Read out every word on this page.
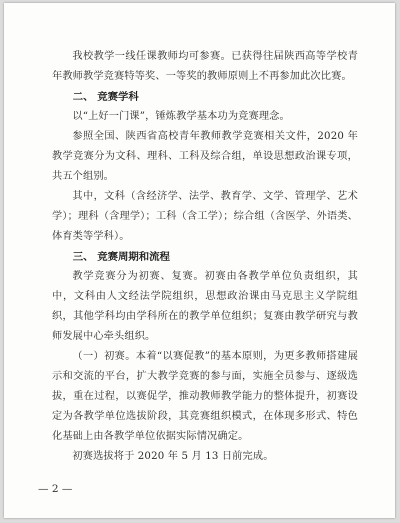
我校教学一线任课教师均可参赛。已获得往届陕西高等学校青年教师教学竞赛特等奖、一等奖的教师原则上不再参加此次比赛。

二、 竞赛学科

以“上好一门课”，锤炼教学基本功为竞赛理念。

参照全国、陕西省高校青年教师教学竞赛相关文件，2020 年教学竞赛分为文科、理科、工科及综合组，单设思想政治课专项，共五个组别。

其中，文科（含经济学、法学、教育学、文学、管理学、艺术学）；理科（含理学）；工科（含工学）；综合组（含医学、外语类、体育类等学科）。

三、 竞赛周期和流程

教学竞赛分为初赛、复赛。初赛由各教学单位负责组织，其中，文科由人文经法学院组织，思想政治课由马克思主义学院组织，其他学科均由学科所在的教学单位组织；复赛由教学研究与教师发展中心牵头组织。

（一）初赛。本着“以赛促教”的基本原则，为更多教师搭建展示和交流的平台，扩大教学竞赛的参与面，实施全员参与、逐级选拔，重在过程，以赛促学，推动教师教学能力的整体提升，初赛设定为各教学单位选拔阶段，其竞赛组织模式，在体现多形式、特色化基础上由各教学单位依据实际情况确定。

初赛选拔将于 2020 年 5 月 13 日前完成。

— 2 —
